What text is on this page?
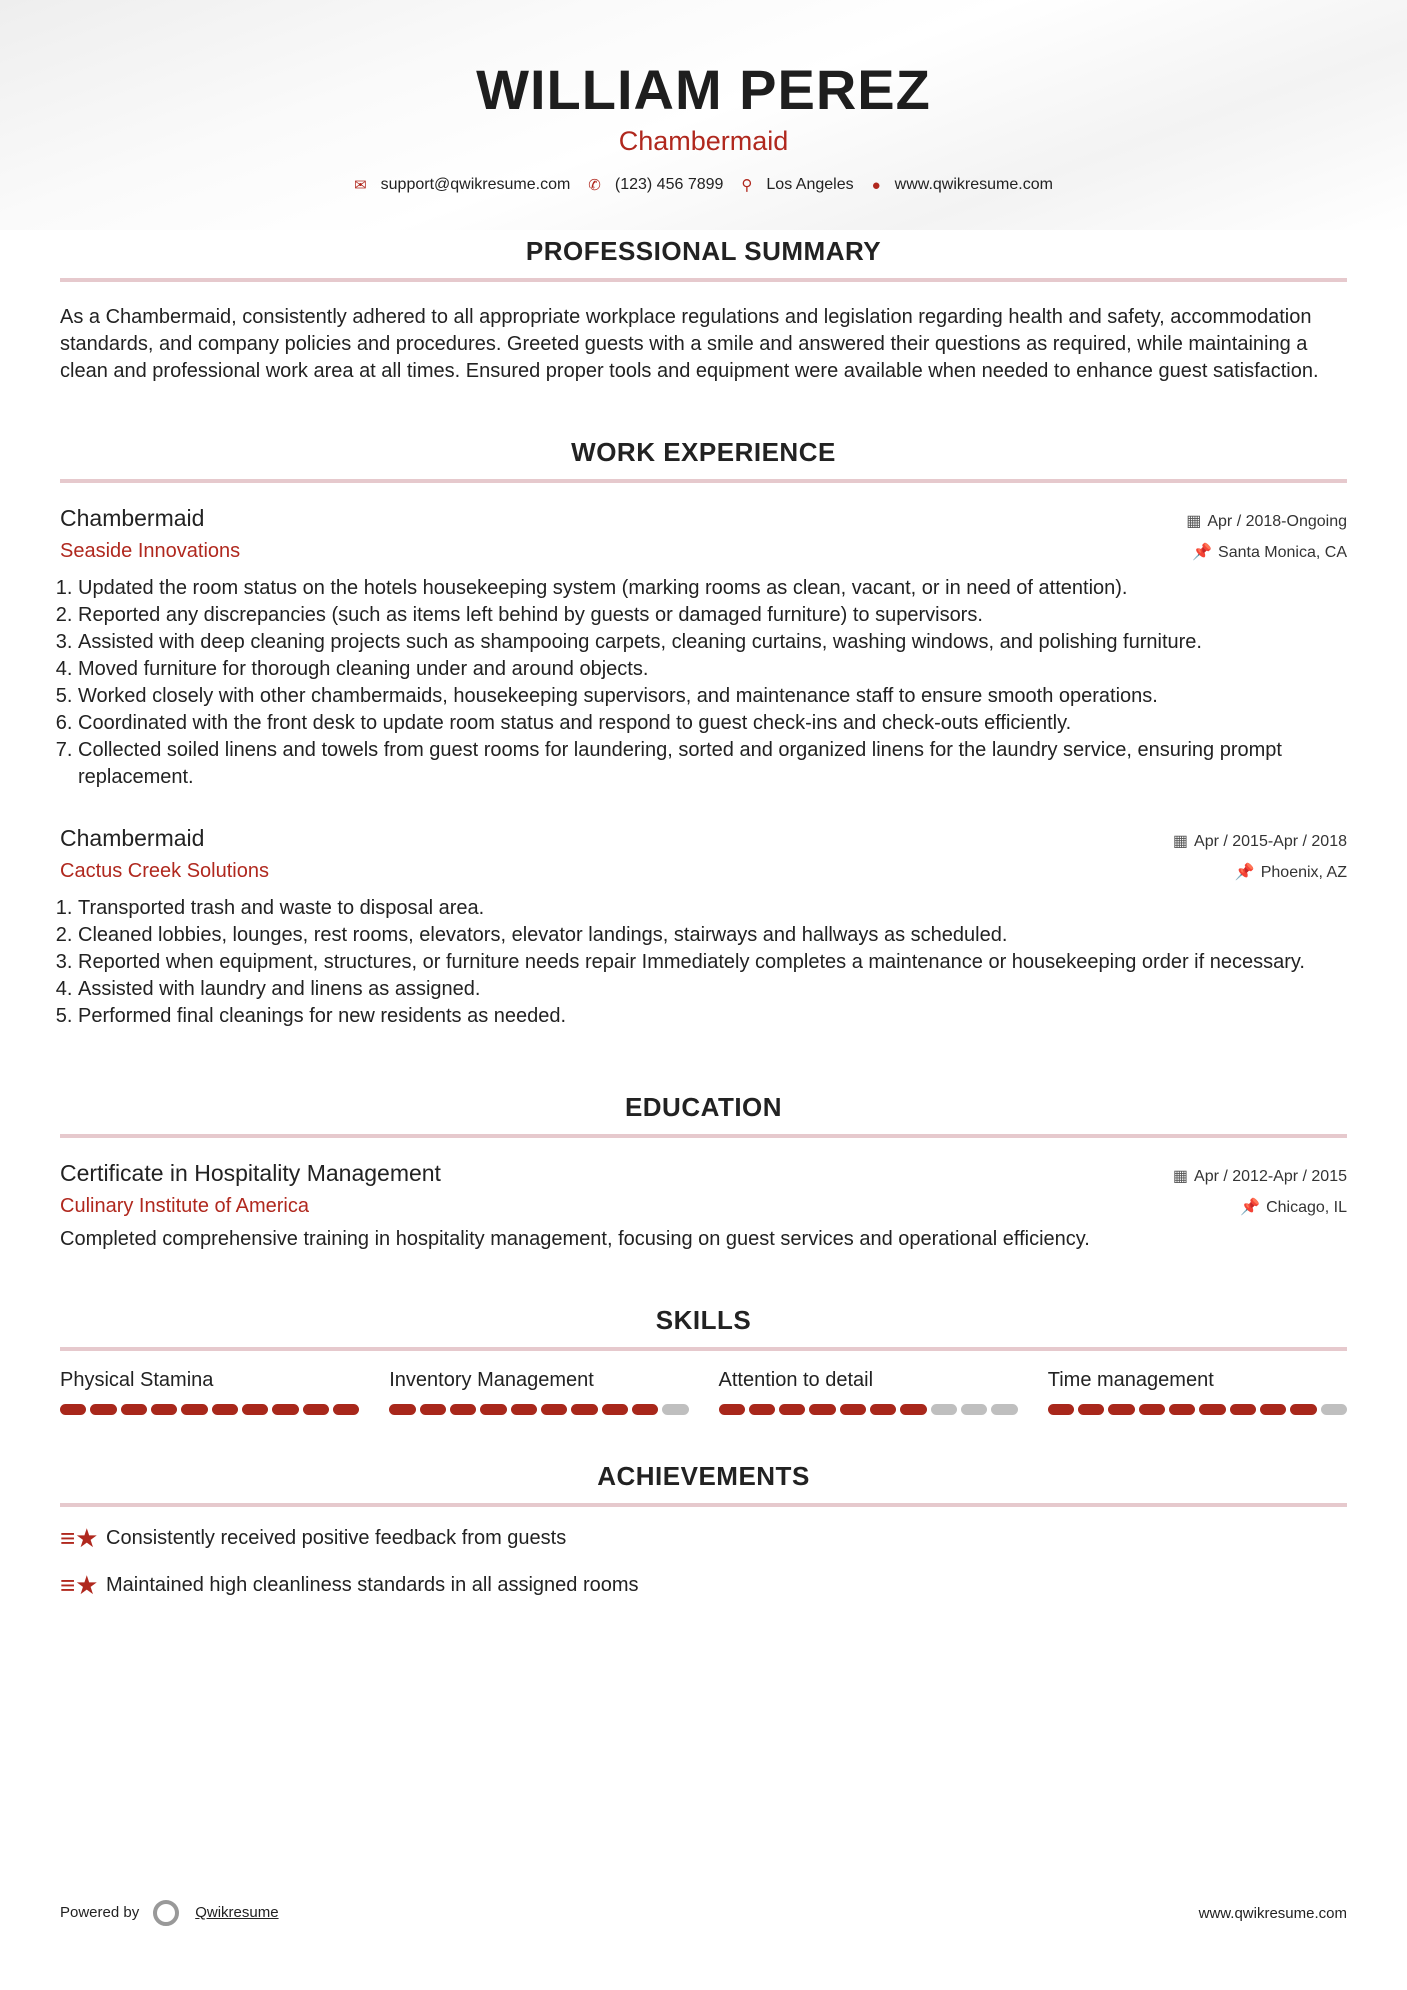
WILLIAM PEREZ
Chambermaid
✉ support@qwikresume.com ✆ (123) 456 7899 ⚲ Los Angeles ● www.qwikresume.com
PROFESSIONAL SUMMARY
As a Chambermaid, consistently adhered to all appropriate workplace regulations and legislation regarding health and safety, accommodation standards, and company policies and procedures. Greeted guests with a smile and answered their questions as required, while maintaining a clean and professional work area at all times. Ensured proper tools and equipment were available when needed to enhance guest satisfaction.
WORK EXPERIENCE
Chambermaid	▦ Apr / 2018-Ongoing
Seaside Innovations	📌 Santa Monica, CA
1. Updated the room status on the hotels housekeeping system (marking rooms as clean, vacant, or in need of attention).
2. Reported any discrepancies (such as items left behind by guests or damaged furniture) to supervisors.
3. Assisted with deep cleaning projects such as shampooing carpets, cleaning curtains, washing windows, and polishing furniture.
4. Moved furniture for thorough cleaning under and around objects.
5. Worked closely with other chambermaids, housekeeping supervisors, and maintenance staff to ensure smooth operations.
6. Coordinated with the front desk to update room status and respond to guest check-ins and check-outs efficiently.
7. Collected soiled linens and towels from guest rooms for laundering, sorted and organized linens for the laundry service, ensuring prompt replacement.
Chambermaid	▦ Apr / 2015-Apr / 2018
Cactus Creek Solutions	📌 Phoenix, AZ
1. Transported trash and waste to disposal area.
2. Cleaned lobbies, lounges, rest rooms, elevators, elevator landings, stairways and hallways as scheduled.
3. Reported when equipment, structures, or furniture needs repair Immediately completes a maintenance or housekeeping order if necessary.
4. Assisted with laundry and linens as assigned.
5. Performed final cleanings for new residents as needed.
EDUCATION
Certificate in Hospitality Management	▦ Apr / 2012-Apr / 2015
Culinary Institute of America	📌 Chicago, IL
Completed comprehensive training in hospitality management, focusing on guest services and operational efficiency.
SKILLS
Physical Stamina	Inventory Management	Attention to detail	Time management
ACHIEVEMENTS
≡★ Consistently received positive feedback from guests
≡★ Maintained high cleanliness standards in all assigned rooms
Powered by	Qwikresume	www.qwikresume.com
